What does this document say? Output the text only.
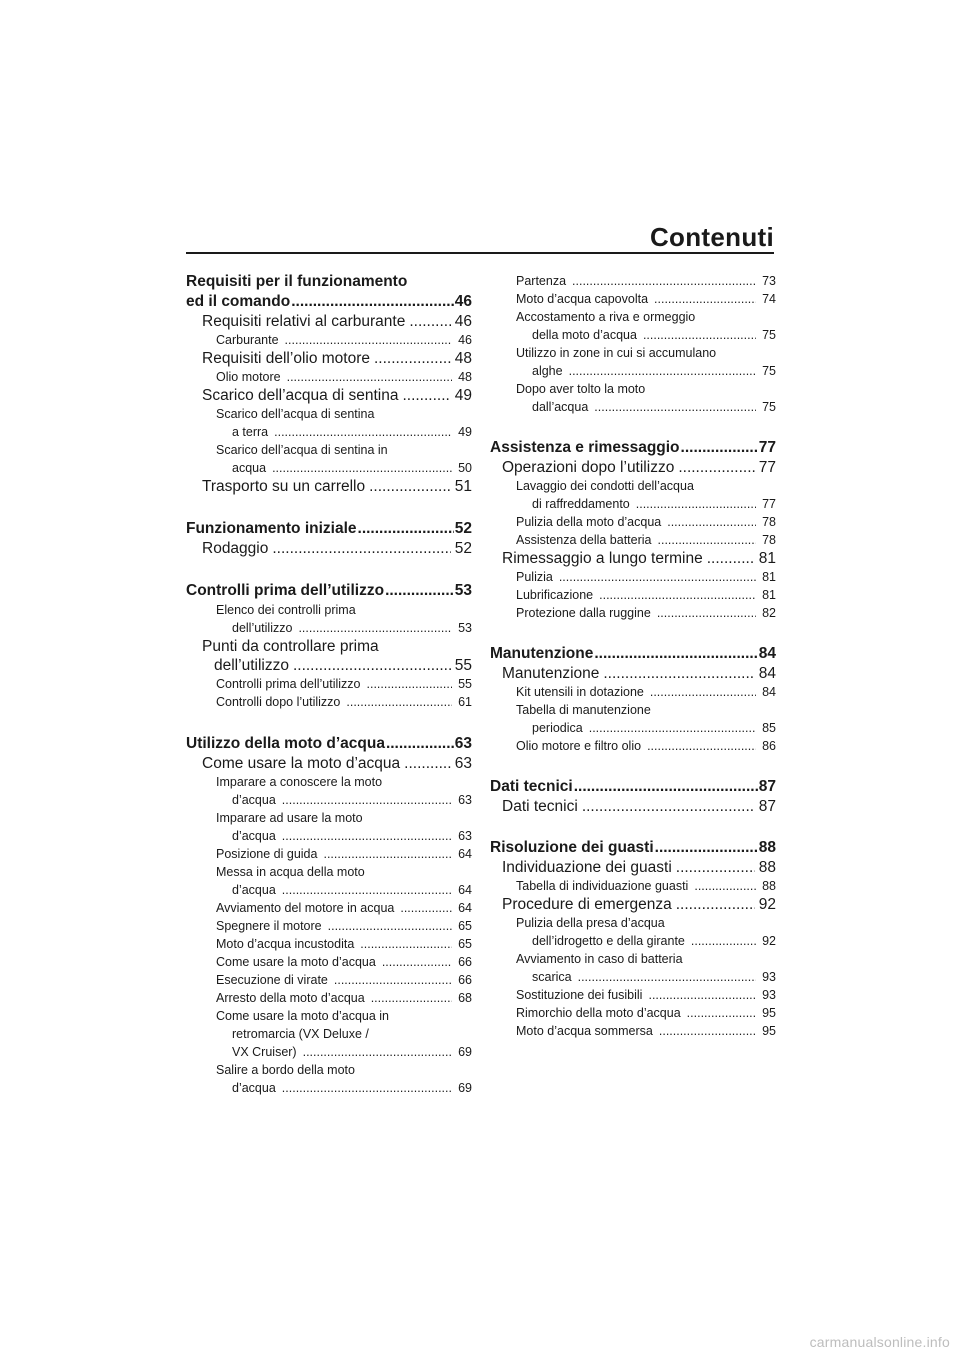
Contenuti
Requisiti per il funzionamento
ed il comando .....	46
Requisiti relativi al carburante .....	46
Carburante .....	46
Requisiti dell’olio motore .....	48
Olio motore .....	48
Scarico dell’acqua di sentina .....	49
Scarico dell’acqua di sentina
a terra .....	49
Scarico dell’acqua di sentina in
acqua .....	50
Trasporto su un carrello .....	51
Funzionamento iniziale .....	52
Rodaggio .....	52
Controlli prima dell’utilizzo .....	53
Elenco dei controlli prima
dell’utilizzo .....	53
Punti da controllare prima
dell’utilizzo .....	55
Controlli prima dell’utilizzo .....	55
Controlli dopo l’utilizzo .....	61
Utilizzo della moto d’acqua .....	63
Come usare la moto d’acqua .....	63
Imparare a conoscere la moto
d’acqua .....	63
Imparare ad usare la moto
d’acqua .....	63
Posizione di guida .....	64
Messa in acqua della moto
d’acqua .....	64
Avviamento del motore in acqua .....	64
Spegnere il motore .....	65
Moto d’acqua incustodita .....	65
Come usare la moto d’acqua .....	66
Esecuzione di virate .....	66
Arresto della moto d’acqua .....	68
Come usare la moto d’acqua in
retromarcia (VX Deluxe /
VX Cruiser) .....	69
Salire a bordo della moto
d’acqua .....	69
Partenza .....	73
Moto d’acqua capovolta .....	74
Accostamento a riva e ormeggio
della moto d’acqua .....	75
Utilizzo in zone in cui si accumulano
alghe .....	75
Dopo aver tolto la moto
dall’acqua .....	75
Assistenza e rimessaggio .....	77
Operazioni dopo l’utilizzo .....	77
Lavaggio dei condotti dell’acqua
di raffreddamento .....	77
Pulizia della moto d’acqua .....	78
Assistenza della batteria .....	78
Rimessaggio a lungo termine .....	81
Pulizia .....	81
Lubrificazione .....	81
Protezione dalla ruggine .....	82
Manutenzione .....	84
Manutenzione .....	84
Kit utensili in dotazione .....	84
Tabella di manutenzione
periodica .....	85
Olio motore e filtro olio .....	86
Dati tecnici .....	87
Dati tecnici .....	87
Risoluzione dei guasti .....	88
Individuazione dei guasti .....	88
Tabella di individuazione guasti .....	88
Procedure di emergenza .....	92
Pulizia della presa d’acqua
dell’idrogetto e della girante .....	92
Avviamento in caso di batteria
scarica .....	93
Sostituzione dei fusibili .....	93
Rimorchio della moto d’acqua .....	95
Moto d’acqua sommersa .....	95
carmanualsonline.info
